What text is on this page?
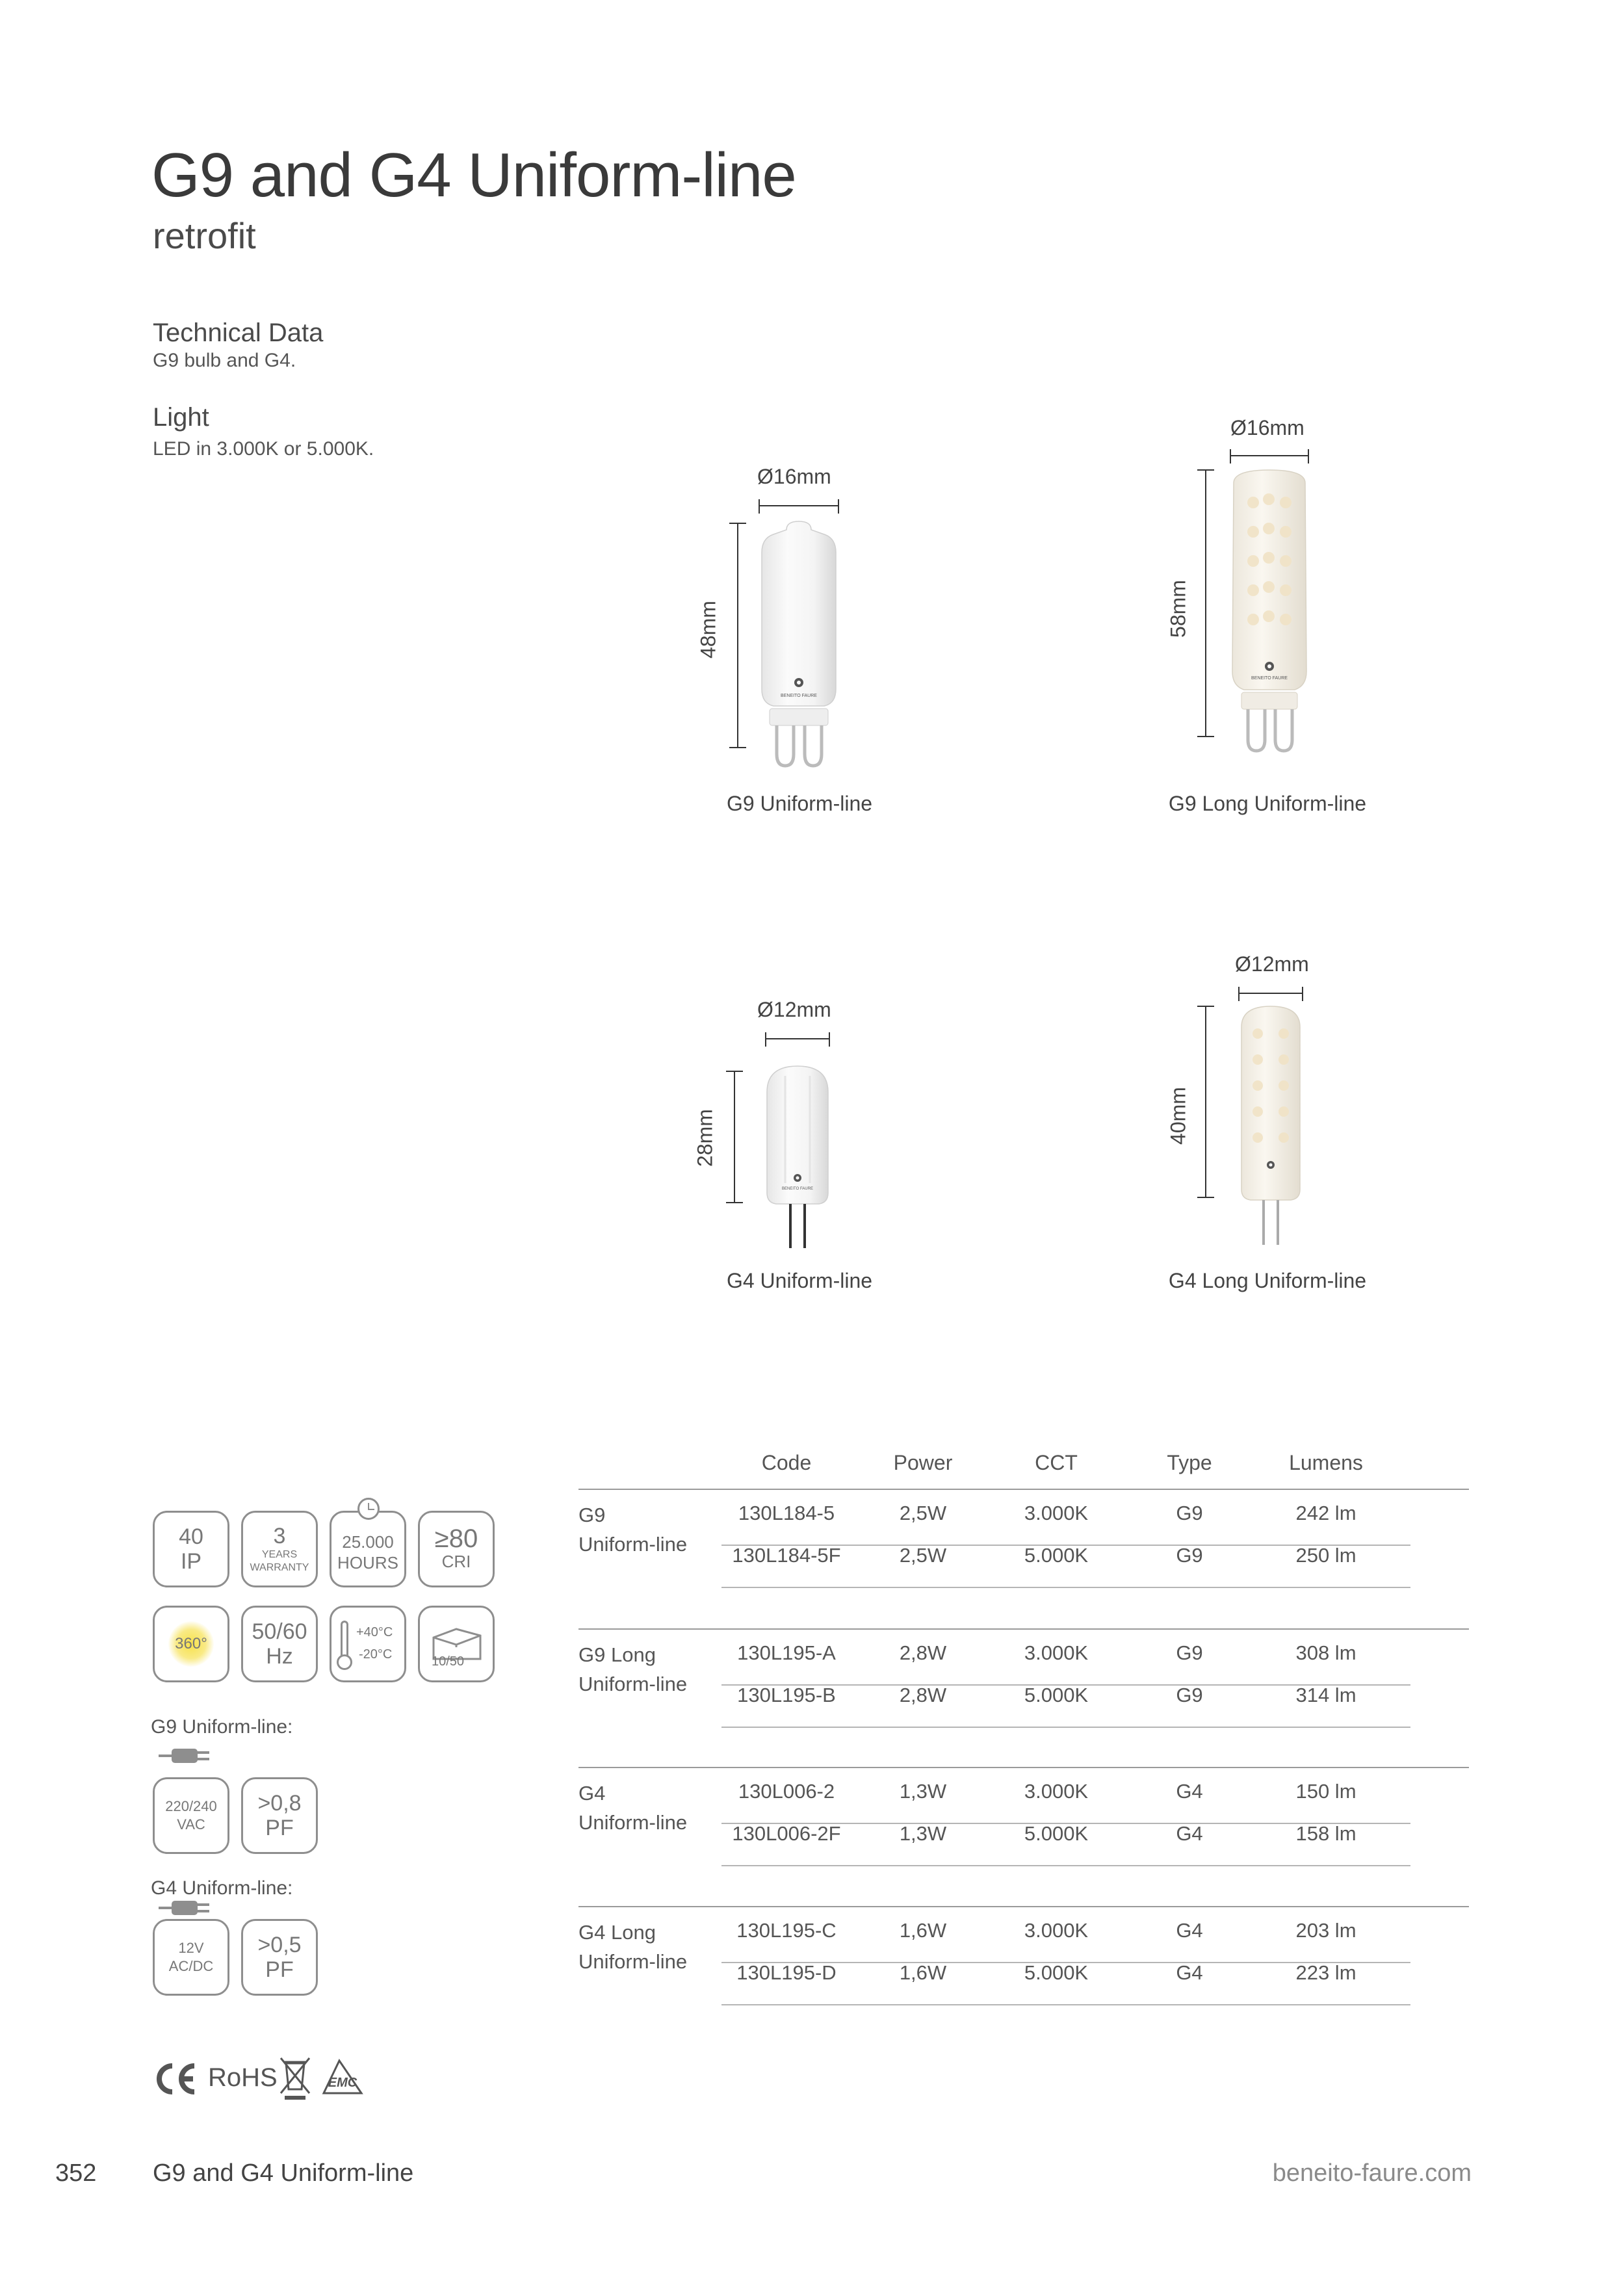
G9 and G4 Uniform-line
retrofit
Technical Data
G9 bulb and G4.
Light
LED in 3.000K or 5.000K.
Ø16mm
BENEITO FAURE
48mm
G9 Uniform-line
Ø16mm
BENEITO FAURE
58mm
G9 Long Uniform-line
Ø12mm
BENEITO FAURE
28mm
G4 Uniform-line
Ø12mm
40mm
G4 Long Uniform-line
40
IP
3
YEARS
WARRANTY
25.000
HOURS
≥80
CRI
360° 50/60
Hz
+40°C
-20°C	10/50
G9 Uniform-line:
220/240
VAC
>0,8
PF
G4 Uniform-line:
12V
AC/DC
>0,5
PF
RoHS	EMC
Code	Power	CCT	Type	Lumens
G9
Uniform-line
130L184-5	2,5W	3.000K	G9	242 lm
130L184-5F	2,5W	5.000K	G9	250 lm
G9 Long
Uniform-line
130L195-A	2,8W	3.000K	G9	308 lm
130L195-B	2,8W	5.000K	G9	314 lm
G4
Uniform-line
130L006-2	1,3W	3.000K	G4	150 lm
130L006-2F	1,3W	5.000K	G4	158 lm
G4 Long
Uniform-line
130L195-C	1,6W	3.000K	G4	203 lm
130L195-D	1,6W	5.000K	G4	223 lm
352 G9 and G4 Uniform-line	beneito-faure.com
